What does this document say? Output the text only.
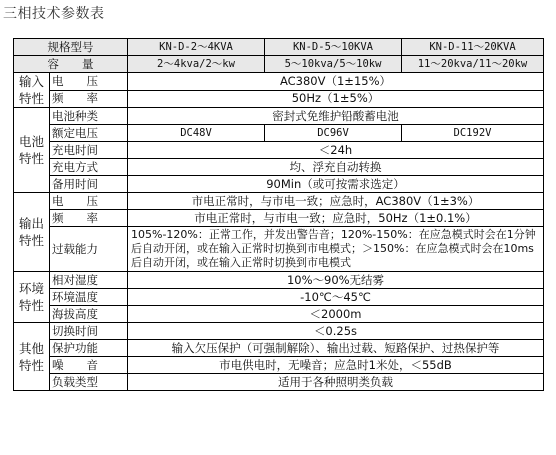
三相技术参数表
规格型号		KN-D-2～4KVA	KN-D-5～10KVA	KN-D-11～20KVA
容　　量		2～4kva/2～kw	5～10kva/5～10kw	11～20kva/11～20kw
输入特性	电　　压	AC380V（1±15%）		
	频　　率	50Hz（1±5%）		
电池特性	电池种类	密封式免维护铅酸蓄电池		
	额定电压	DC48V	DC96V	DC192V
	充电时间	＜24h		
	充电方式	均、浮充自动转换		
	备用时间	90Min（或可按需求选定）		
输出特性	电　　压	市电正常时，与市电一致；应急时，AC380V（1±3%）		
	频　　率	市电正常时，与市电一致；应急时，50Hz（1±0.1%）		
	过载能力	105%-120%：正常工作，并发出警告音；120%-150%：在应急模式时会在1分钟后自动开闭，或在输入正常时切换到市电模式；＞150%：在应急模式时会在10ms后自动开闭，或在输入正常时切换到市电模式		
环境特性	相对湿度	10%～90%无结雾		
	环境温度	-10℃～45℃		
	海拔高度	＜2000m		
其他特性	切换时间	＜0.25s		
	保护功能	输入欠压保护（可强制解除）、输出过载、短路保护、过热保护等		
	噪　　音	市电供电时，无噪音；应急时1米处，＜55dB		
	负载类型	适用于各种照明类负载		
